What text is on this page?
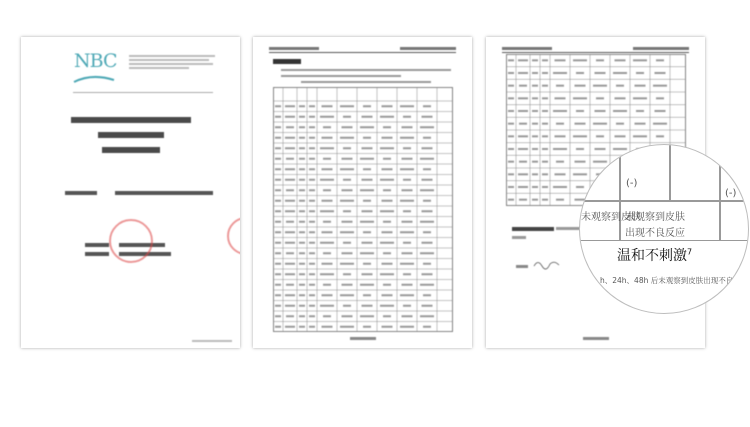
NBC
(-)
未观察到皮肤
未观察到皮肤
出现不良反应
(-)
温和不刺激$^7$
h、24h、48h 后未观察到皮肤出现不良
